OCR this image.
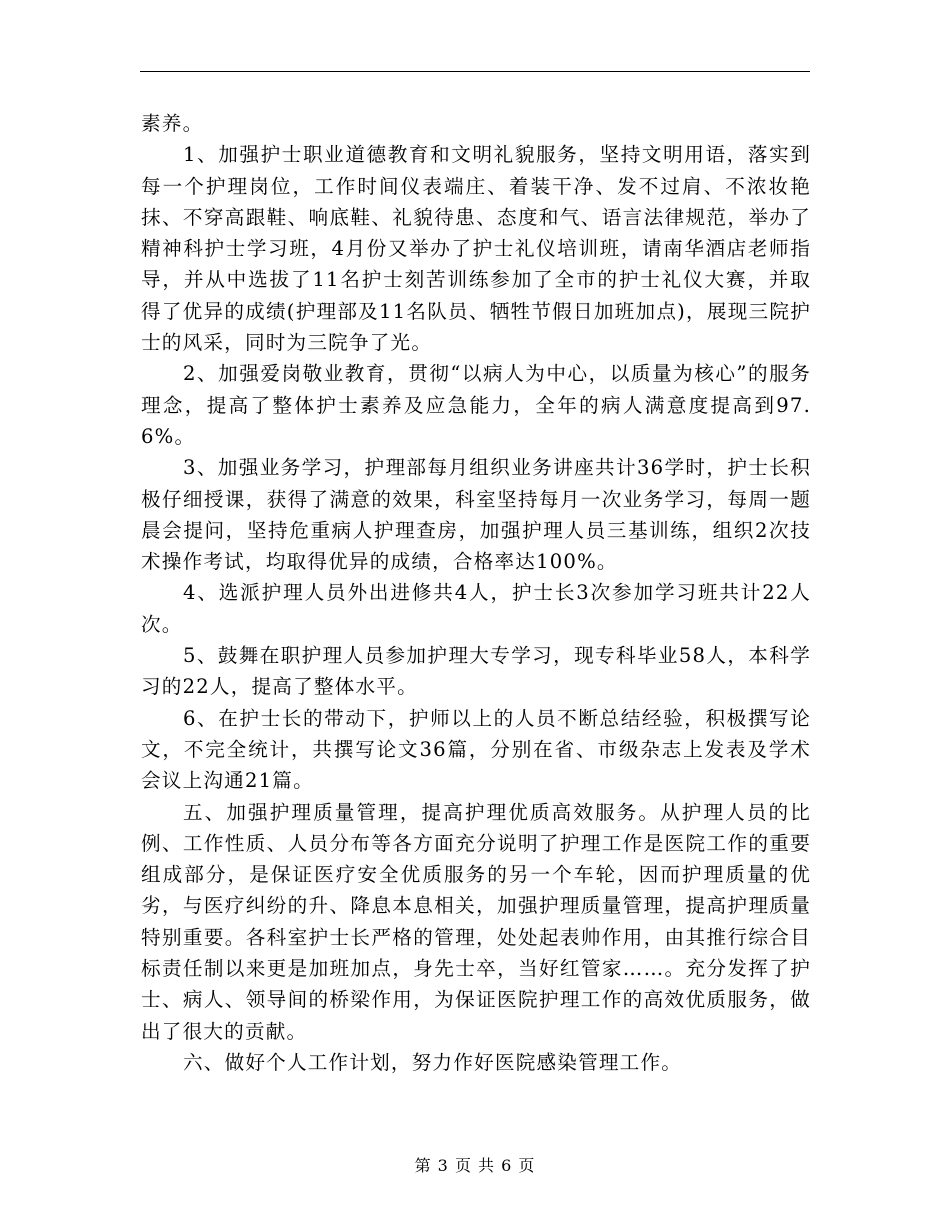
素养。

1、加强护士职业道德教育和文明礼貌服务，坚持文明用语，落实到每一个护理岗位，工作时间仪表端庄、着装干净、发不过肩、不浓妆艳抹、不穿高跟鞋、响底鞋、礼貌待患、态度和气、语言法律规范，举办了精神科护士学习班，4月份又举办了护士礼仪培训班，请南华酒店老师指导，并从中选拔了11名护士刻苦训练参加了全市的护士礼仪大赛，并取得了优异的成绩(护理部及11名队员、牺牲节假日加班加点)，展现三院护士的风采，同时为三院争了光。

2、加强爱岗敬业教育，贯彻“以病人为中心，以质量为核心”的服务理念，提高了整体护士素养及应急能力，全年的病人满意度提高到97.6%。

3、加强业务学习，护理部每月组织业务讲座共计36学时，护士长积极仔细授课，获得了满意的效果，科室坚持每月一次业务学习，每周一题晨会提问，坚持危重病人护理查房，加强护理人员三基训练，组织2次技术操作考试，均取得优异的成绩，合格率达100%。

4、选派护理人员外出进修共4人，护士长3次参加学习班共计22人次。

5、鼓舞在职护理人员参加护理大专学习，现专科毕业58人，本科学习的22人，提高了整体水平。

6、在护士长的带动下，护师以上的人员不断总结经验，积极撰写论文，不完全统计，共撰写论文36篇，分别在省、市级杂志上发表及学术会议上沟通21篇。

五、加强护理质量管理，提高护理优质高效服务。从护理人员的比例、工作性质、人员分布等各方面充分说明了护理工作是医院工作的重要组成部分，是保证医疗安全优质服务的另一个车轮，因而护理质量的优劣，与医疗纠纷的升、降息本息相关，加强护理质量管理，提高护理质量特别重要。各科室护士长严格的管理，处处起表帅作用，由其推行综合目标责任制以来更是加班加点，身先士卒，当好红管家……。充分发挥了护士、病人、领导间的桥梁作用，为保证医院护理工作的高效优质服务，做出了很大的贡献。

六、做好个人工作计划，努力作好医院感染管理工作。

第 3 页 共 6 页
